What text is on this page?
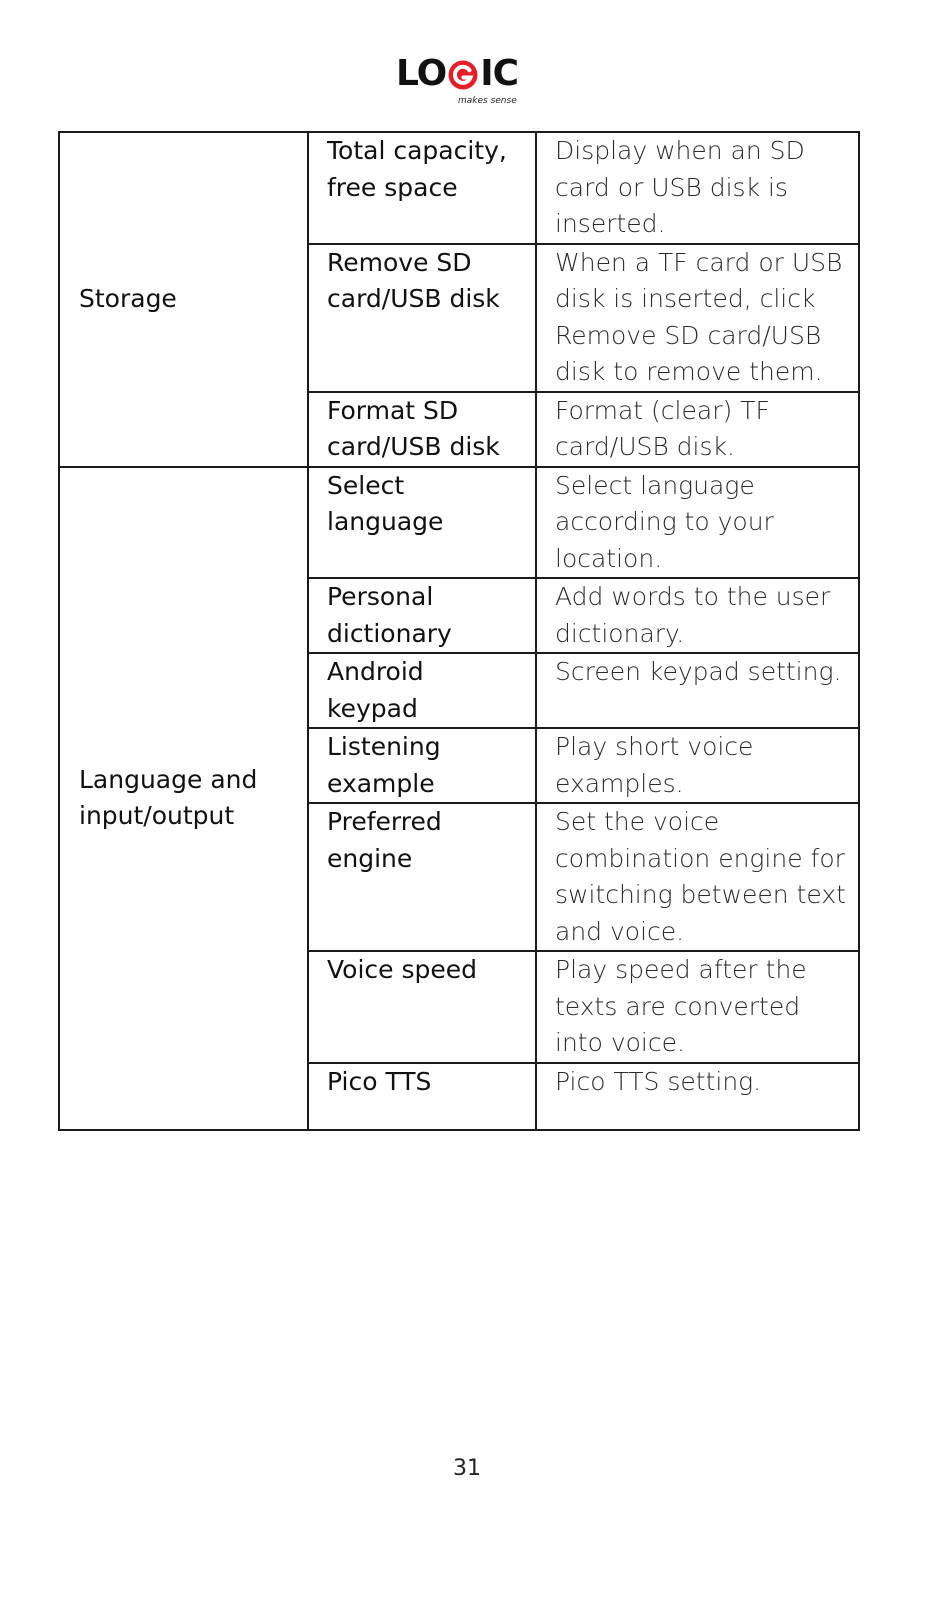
LO IC
makes sense
Storage	Total capacity, free space	Display when an SD card or USB disk is inserted.
	Remove SD card/USB disk	When a TF card or USB disk is inserted, click Remove SD card/USB disk to remove them.
	Format SD card/USB disk	Format (clear) TF card/USB disk.
Language and input/output	Select language	Select language according to your location.
	Personal dictionary	Add words to the user dictionary.
	Android keypad	Screen keypad setting.
	Listening example	Play short voice examples.
	Preferred engine	Set the voice combination engine for switching between text and voice.
	Voice speed	Play speed after the texts are converted into voice.
	Pico TTS	Pico TTS setting.
31
